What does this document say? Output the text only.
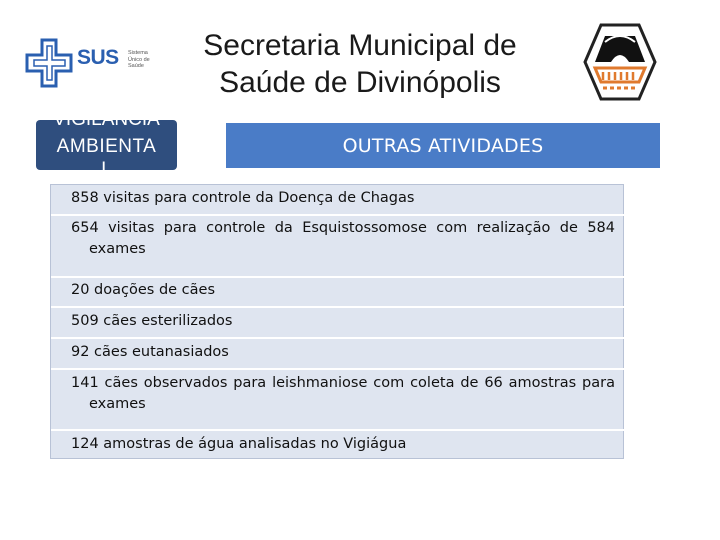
SUS Sistema
Único de
Saúde
Secretaria Municipal de
Saúde de Divinópolis
VIGILÂNCIA
AMBIENTA
L
OUTRAS ATIVIDADES
858 visitas para controle da Doença de Chagas
654 visitas para controle da Esquistossomose com realização de 584 exames
20 doações de cães
509 cães esterilizados
92 cães eutanasiados
141 cães observados para leishmaniose com coleta de 66 amostras para exames
124 amostras de água analisadas no Vigiágua
